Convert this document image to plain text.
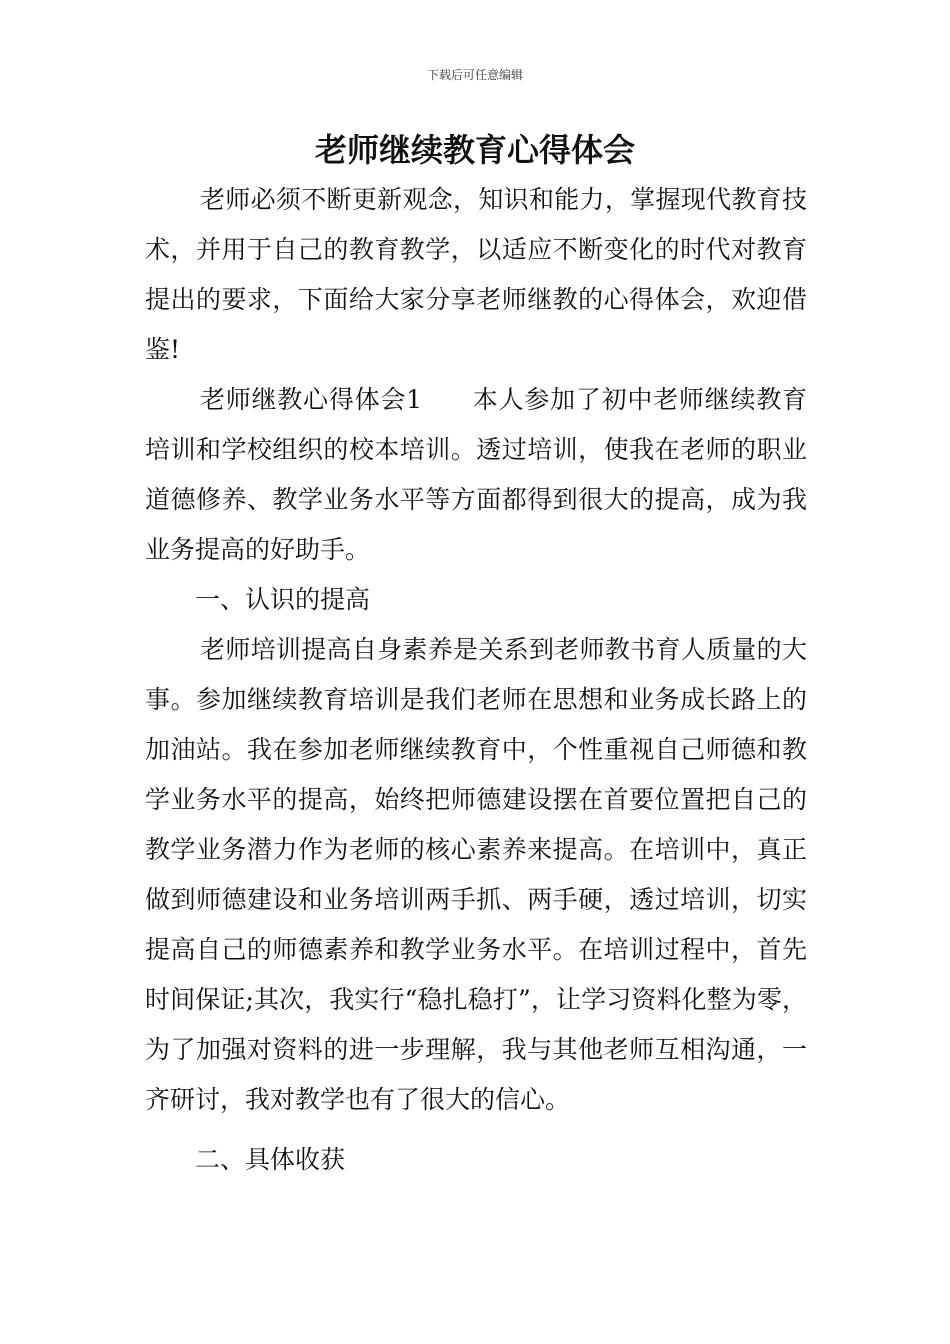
下载后可任意编辑
老师继续教育心得体会

老师必须不断更新观念，知识和能力，掌握现代教育技术，并用于自己的教育教学，以适应不断变化的时代对教育提出的要求，下面给大家分享老师继教的心得体会，欢迎借鉴!

老师继教心得体会1 本人参加了初中老师继续教育培训和学校组织的校本培训。透过培训，使我在老师的职业道德修养、教学业务水平等方面都得到很大的提高，成为我业务提高的好助手。

一、认识的提高

老师培训提高自身素养是关系到老师教书育人质量的大事。参加继续教育培训是我们老师在思想和业务成长路上的加油站。我在参加老师继续教育中，个性重视自己师德和教学业务水平的提高，始终把师德建设摆在首要位置把自己的教学业务潜力作为老师的核心素养来提高。在培训中，真正做到师德建设和业务培训两手抓、两手硬，透过培训，切实提高自己的师德素养和教学业务水平。在培训过程中，首先时间保证;其次，我实行“稳扎稳打”，让学习资料化整为零，为了加强对资料的进一步理解，我与其他老师互相沟通，一齐研讨，我对教学也有了很大的信心。

二、具体收获
